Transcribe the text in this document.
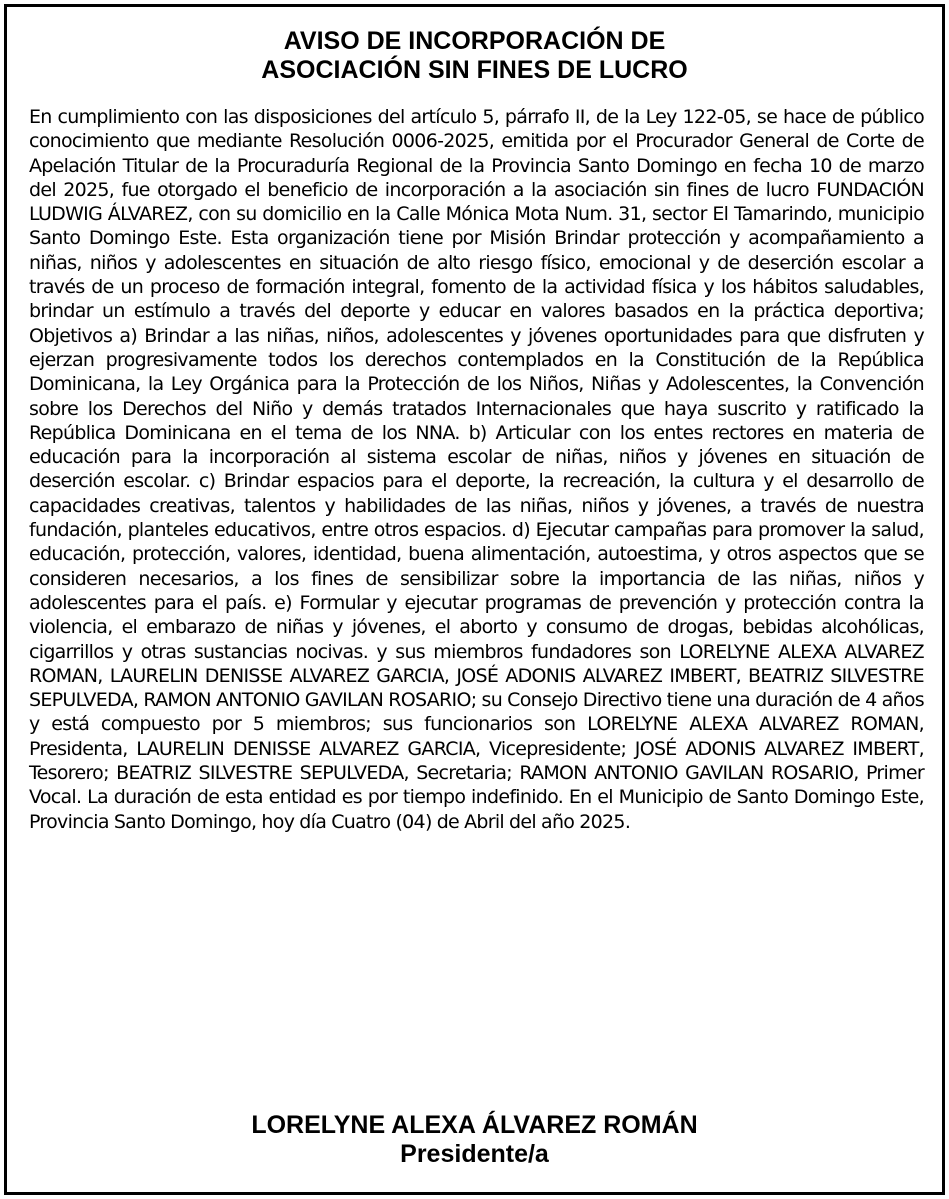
AVISO DE INCORPORACIÓN DE
ASOCIACIÓN SIN FINES DE LUCRO

En cumplimiento con las disposiciones del artículo 5, párrafo II, de la Ley 122-05, se hace de público conocimiento que mediante Resolución 0006-2025, emitida por el Procurador General de Corte de Apelación Titular de la Procuraduría Regional de la Provincia Santo Domingo en fecha 10 de marzo del 2025, fue otorgado el beneficio de incorporación a la asociación sin fines de lucro FUNDACIÓN LUDWIG ÁLVAREZ, con su domicilio en la Calle Mónica Mota Num. 31, sector El Tamarindo, municipio Santo Domingo Este. Esta organización tiene por Misión Brindar protección y acompañamiento a niñas, niños y adolescentes en situación de alto riesgo físico, emocional y de deserción escolar a través de un proceso de formación integral, fomento de la actividad física y los hábitos saludables, brindar un estímulo a través del deporte y educar en valores basados en la práctica deportiva; Objetivos a) Brindar a las niñas, niños, adolescentes y jóvenes oportunidades para que disfruten y ejerzan progresivamente todos los derechos contemplados en la Constitución de la República Dominicana, la Ley Orgánica para la Protección de los Niños, Niñas y Adolescentes, la Convención sobre los Derechos del Niño y demás tratados Internacionales que haya suscrito y ratificado la República Dominicana en el tema de los NNA. b) Articular con los entes rectores en materia de educación para la incorporación al sistema escolar de niñas, niños y jóvenes en situación de deserción escolar. c) Brindar espacios para el deporte, la recreación, la cultura y el desarrollo de capacidades creativas, talentos y habilidades de las niñas, niños y jóvenes, a través de nuestra fundación, planteles educativos, entre otros espacios. d) Ejecutar campañas para promover la salud, educación, protección, valores, identidad, buena alimentación, autoestima, y otros aspectos que se consideren necesarios, a los fines de sensibilizar sobre la importancia de las niñas, niños y adolescentes para el país. e) Formular y ejecutar programas de prevención y protección contra la violencia, el embarazo de niñas y jóvenes, el aborto y consumo de drogas, bebidas alcohólicas, cigarrillos y otras sustancias nocivas. y sus miembros fundadores son LORELYNE ALEXA ALVAREZ ROMAN, LAURELIN DENISSE ALVAREZ GARCIA, JOSÉ ADONIS ALVAREZ IMBERT, BEATRIZ SILVESTRE SEPULVEDA, RAMON ANTONIO GAVILAN ROSARIO; su Consejo Directivo tiene una duración de 4 años y está compuesto por 5 miembros; sus funcionarios son LORELYNE ALEXA ALVAREZ ROMAN, Presidenta, LAURELIN DENISSE ALVAREZ GARCIA, Vicepresidente; JOSÉ ADONIS ALVAREZ IMBERT, Tesorero; BEATRIZ SILVESTRE SEPULVEDA, Secretaria; RAMON ANTONIO GAVILAN ROSARIO, Primer Vocal. La duración de esta entidad es por tiempo indefinido. En el Municipio de Santo Domingo Este, Provincia Santo Domingo, hoy día Cuatro (04) de Abril del año 2025.

LORELYNE ALEXA ÁLVAREZ ROMÁN
Presidente/a
